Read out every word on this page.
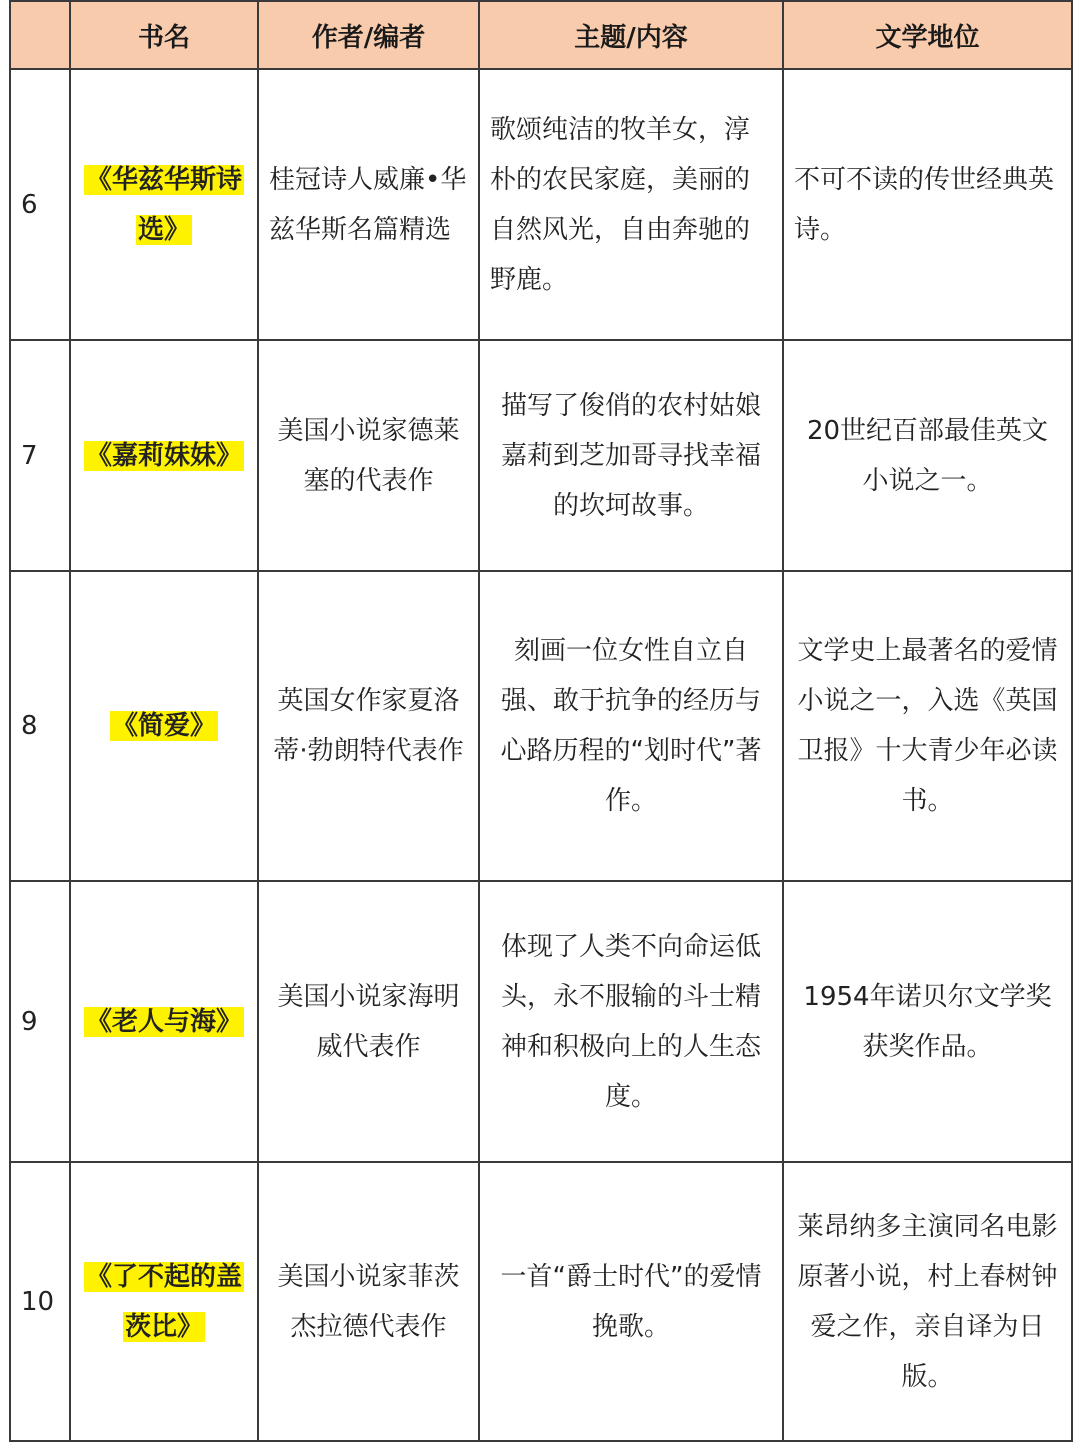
	书名	作者/编者	主题/内容	文学地位
6	《华兹华斯诗选》	桂冠诗人威廉•华兹华斯名篇精选	歌颂纯洁的牧羊女，淳朴的农民家庭，美丽的自然风光，自由奔驰的野鹿。	不可不读的传世经典英诗。
7	《嘉莉妹妹》	美国小说家德莱塞的代表作	描写了俊俏的农村姑娘嘉莉到芝加哥寻找幸福的坎坷故事。	20世纪百部最佳英文小说之一。
8	《简爱》	英国女作家夏洛蒂·勃朗特代表作	刻画一位女性自立自强、敢于抗争的经历与心路历程的“划时代”著作。	文学史上最著名的爱情小说之一，入选《英国卫报》十大青少年必读书。
9	《老人与海》	美国小说家海明威代表作	体现了人类不向命运低头，永不服输的斗士精神和积极向上的人生态度。	1954年诺贝尔文学奖获奖作品。
10	《了不起的盖茨比》	美国小说家菲茨杰拉德代表作	一首“爵士时代”的爱情挽歌。	莱昂纳多主演同名电影原著小说，村上春树钟爱之作，亲自译为日版。
